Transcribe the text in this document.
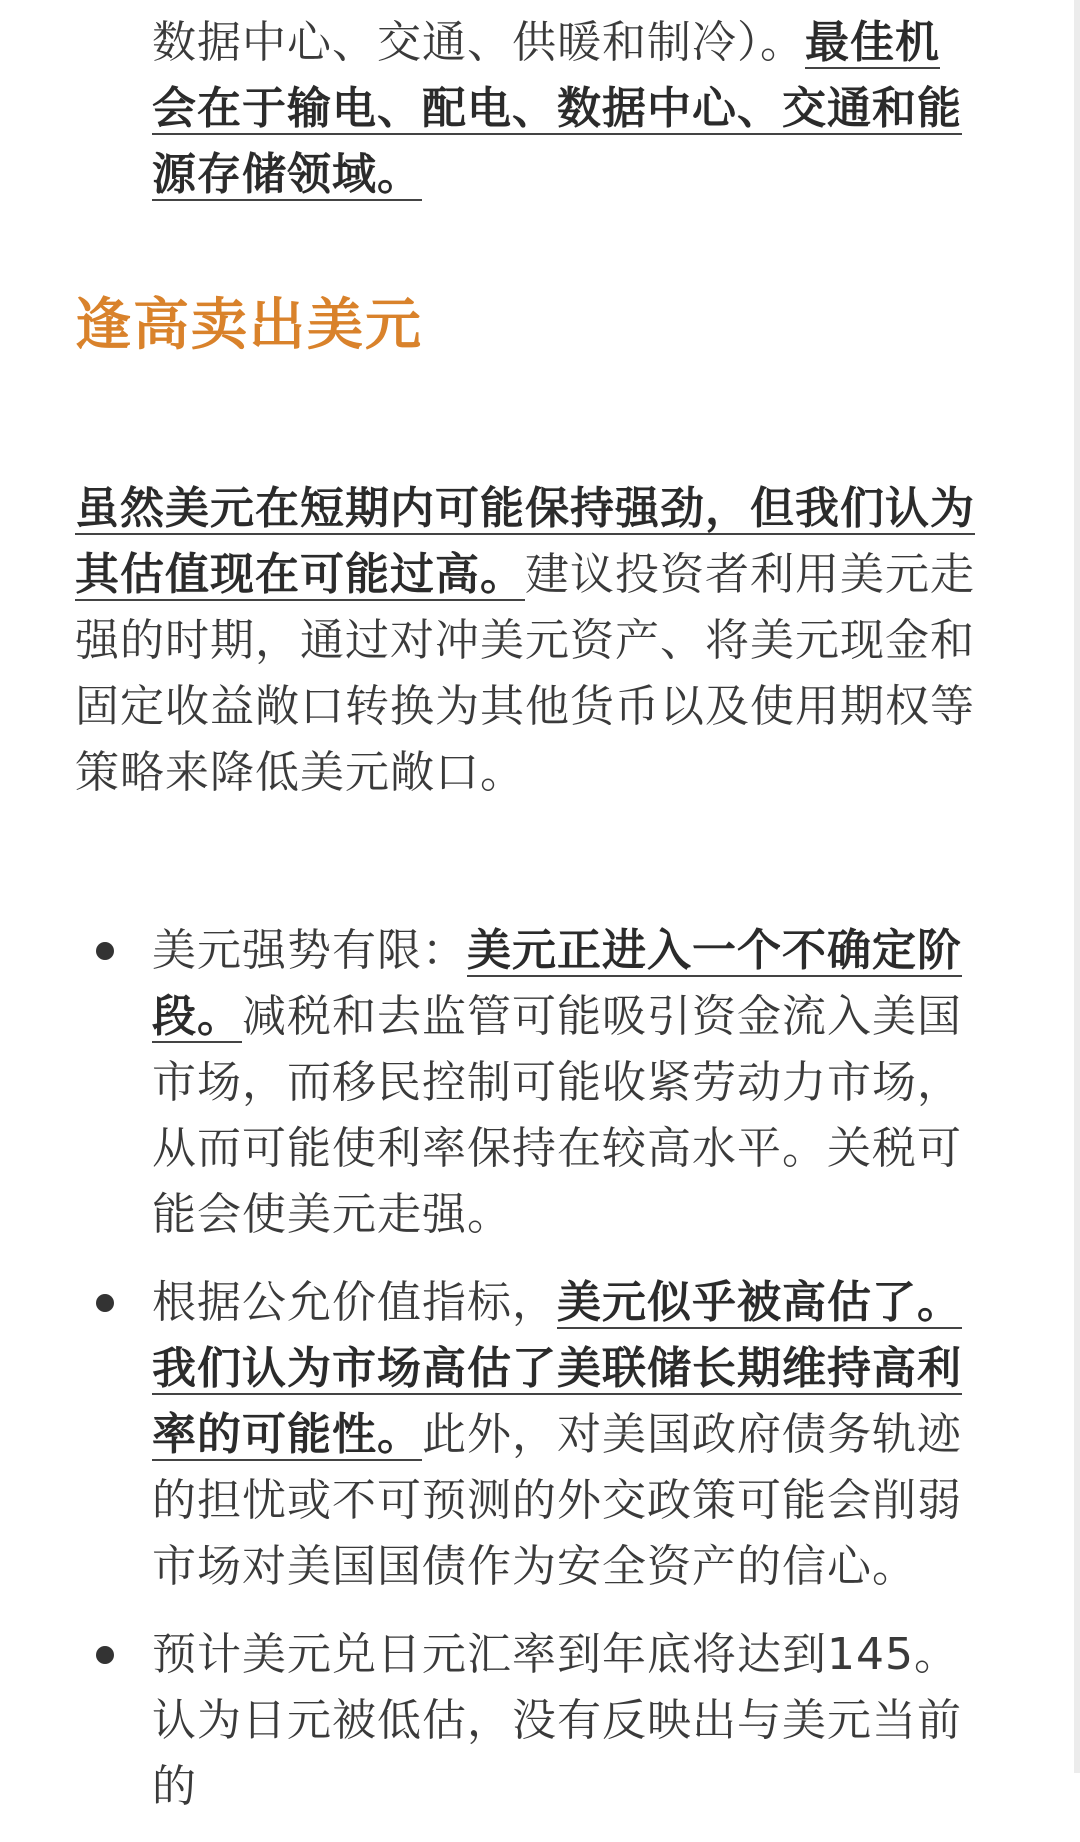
数据中心、交通、供暖和制冷）。最佳机会在于输电、配电、数据中心、交通和能源存储领域。

逢高卖出美元

虽然美元在短期内可能保持强劲，但我们认为其估值现在可能过高。建议投资者利用美元走强的时期，通过对冲美元资产、将美元现金和固定收益敞口转换为其他货币以及使用期权等策略来降低美元敞口。

美元强势有限：美元正进入一个不确定阶段。减税和去监管可能吸引资金流入美国市场，而移民控制可能收紧劳动力市场，从而可能使利率保持在较高水平。关税可能会使美元走强。
根据公允价值指标，美元似乎被高估了。我们认为市场高估了美联储长期维持高利率的可能性。此外，对美国政府债务轨迹的担忧或不可预测的外交政策可能会削弱市场对美国国债作为安全资产的信心。
预计美元兑日元汇率到年底将达到145。认为日元被低估，没有反映出与美元当前的
